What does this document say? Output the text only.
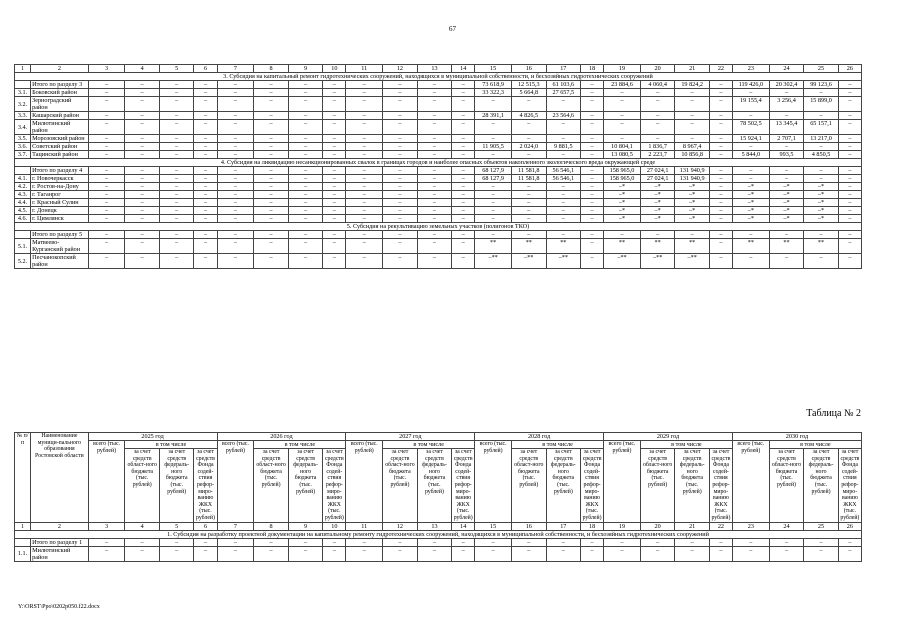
67
1	2	3	4	5	6	7	8	9	10	11	12	13	14	15	16	17	18	19	20	21	22	23	24	25	26
3. Субсидия на капитальный ремонт гидротехнических сооружений, находящихся в муниципальной собственности, и бесхозяйных гидротехнических сооружений																									
	Итого по разделу 3	–	–	–	–	–	–	–	–	–	–	–	–	73 618,9	12 515,3	61 103,6	–	23 884,6	4 060,4	19 824,2	–	119 426,0	20 302,4	99 123,6	–
3.1.	Боковский район	–	–	–	–	–	–	–	–	–	–	–	–	33 322,3	5 664,8	27 657,5	–	–	–	–	–	–	–	–	–
3.2.	Зерноградский район	–	–	–	–	–	–	–	–	–	–	–	–	–	–	–	–	–	–	–	–	19 155,4	3 256,4	15 899,0	–
3.3.	Кашарский район	–	–	–	–	–	–	–	–	–	–	–	–	28 391,1	4 826,5	23 564,6	–	–	–	–	–	–	–	–	–
3.4.	Милютинский район	–	–	–	–	–	–	–	–	–	–	–	–	–	–	–	–	–	–	–	–	78 502,5	13 345,4	65 157,1	–
3.5.	Морозовский район	–	–	–	–	–	–	–	–	–	–	–	–	–	–	–	–	–	–	–	–	15 924,1	2 707,1	13 217,0	–
3.6.	Советский район	–	–	–	–	–	–	–	–	–	–	–	–	11 905,5	2 024,0	9 881,5	–	10 804,1	1 836,7	8 967,4	–	–	–	–	–
3.7.	Тацинский район	–	–	–	–	–	–	–	–	–	–	–	–	–	–	–	–	13 080,5	2 223,7	10 856,8	–	5 844,0	993,5	4 850,5	–
4. Субсидия на ликвидацию несанкционированных свалок в границах городов и наиболее опасных объектов накопленного экологического вреда окружающей среде																									
	Итого по разделу 4	–	–	–	–	–	–	–	–	–	–	–	–	68 127,9	11 581,8	56 546,1	–	158 965,0	27 024,1	131 940,9	–	–	–	–	–
4.1.	г. Новочеркасск	–	–	–	–	–	–	–	–	–	–	–	–	68 127,9	11 581,8	56 546,1	–	158 965,0	27 024,1	131 940,9	–	–	–	–	–
4.2.	г. Ростов-на-Дону	–	–	–	–	–	–	–	–	–	–	–	–	–	–	–	–	–*	–*	–*	–	–*	–*	–*	–
4.3.	г. Таганрог	–	–	–	–	–	–	–	–	–	–	–	–	–	–	–	–	–*	–*	–*	–	–*	–*	–*	–
4.4.	г. Красный Сулин	–	–	–	–	–	–	–	–	–	–	–	–	–	–	–	–	–*	–*	–*	–	–*	–*	–*	–
4.5.	г. Донецк	–	–	–	–	–	–	–	–	–	–	–	–	–	–	–	–	–*	–*	–*	–	–*	–*	–*	–
4.6.	г. Цимлянск	–	–	–	–	–	–	–	–	–	–	–	–	–	–	–	–	–*	–*	–*	–	–*	–*	–*	–
5. Субсидия на рекультивацию земельных участков (полигонов ТКО)																									
	Итого по разделу 5	–	–	–	–	–	–	–	–	–	–	–	–	–	–	–	–	–	–	–	–	–	–	–	–
5.1.	Матвеево-Курганский район	–	–	–	–	–	–	–	–	–	–	–	–	**	**	**	–	**	**	**	–	**	**	**	–
5.2.	Песчанокопский район	–	–	–	–	–	–	–	–	–	–	–	–	–**	–**	–**	–	–**	–**	–**	–	–	–	–	–
Таблица № 2
№ п/п	Наименование муници-пального образования Ростовской области	2025 год				2026 год				2027 год				2028 год				2029 год				2030 год			
		всего (тыс. рублей)	в том числе			всего (тыс. рублей)	в том числе			всего (тыс. рублей)	в том числе			всего (тыс. рублей)	в том числе			всего (тыс. рублей)	в том числе			всего (тыс. рублей)	в том числе		
			за счет средств област-ного бюджета (тыс. рублей)	за счет средств федераль-ного бюджета (тыс. рублей)	за счет средств Фонда содей-ствия рефор-миро-ванию ЖКХ (тыс. рублей)		за счет средств област-ного бюджета (тыс. рублей)	за счет средств федераль-ного бюджета (тыс. рублей)	за счет средств Фонда содей-ствия рефор-миро-ванию ЖКХ (тыс. рублей)		за счет средств област-ного бюджета (тыс. рублей)	за счет средств федераль-ного бюджета (тыс. рублей)	за счет средств Фонда содей-ствия рефор-миро-ванию ЖКХ (тыс. рублей)		за счет средств област-ного бюджета (тыс. рублей)	за счет средств федераль-ного бюджета (тыс. рублей)	за счет средств Фонда содей-ствия рефор-миро-ванию ЖКХ (тыс. рублей)		за счет средств област-ного бюджета (тыс. рублей)	за счет средств федераль-ного бюджета (тыс. рублей)	за счет средств Фонда содей-ствия рефор-миро-ванию ЖКХ (тыс. рублей)		за счет средств област-ного бюджета (тыс. рублей)	за счет средств федераль-ного бюджета (тыс. рублей)	за счет средств Фонда содей-ствия рефор-миро-ванию ЖКХ (тыс. рублей)
1	2	3	4	5	6	7	8	9	10	11	12	13	14	15	16	17	18	19	20	21	22	23	24	25	26
1. Субсидия на разработку проектной документации на капитальному ремонту гидротехнических сооружений, находящихся в муниципальной собственности, и бесхозяйных гидротехнических сооружений																									
	Итого по разделу 1	–	–	–	–	–	–	–	–	–	–	–	–	–	–	–	–	–	–	–	–	–	–	–	–
1.1.	Милютинский район	–	–	–	–	–	–	–	–	–	–	–	–	–	–	–	–	–	–	–	–	–	–	–	–
Y:\ORST\Ppo\0202p050.f22.docx
